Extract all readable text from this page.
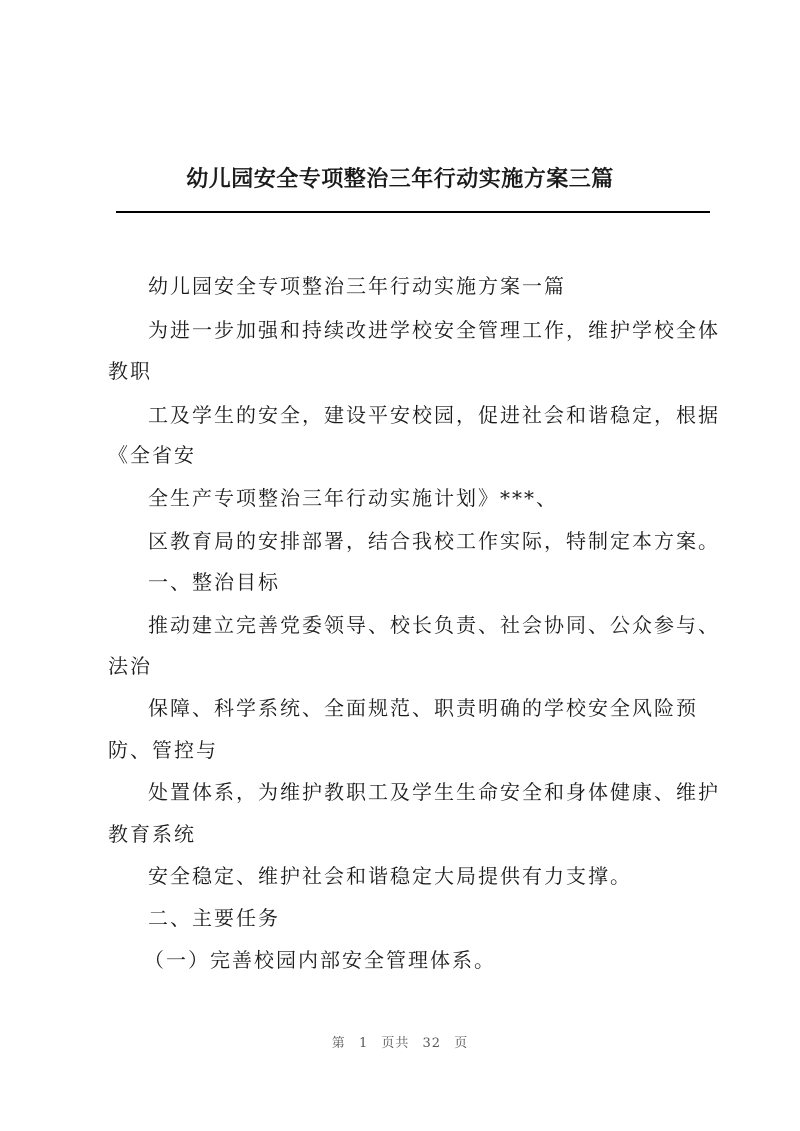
幼儿园安全专项整治三年行动实施方案三篇
幼儿园安全专项整治三年行动实施方案一篇
为进一步加强和持续改进学校安全管理工作，维护学校全体
教职
工及学生的安全，建设平安校园，促进社会和谐稳定，根据
《全省安
全生产专项整治三年行动实施计划》***、
区教育局的安排部署，结合我校工作实际，特制定本方案。
一、整治目标
推动建立完善党委领导、校长负责、社会协同、公众参与、
法治
保障、科学系统、全面规范、职责明确的学校安全风险预
防、管控与
处置体系，为维护教职工及学生生命安全和身体健康、维护
教育系统
安全稳定、维护社会和谐稳定大局提供有力支撑。
二、主要任务
（一）完善校园内部安全管理体系。
第 1 页共 32 页
